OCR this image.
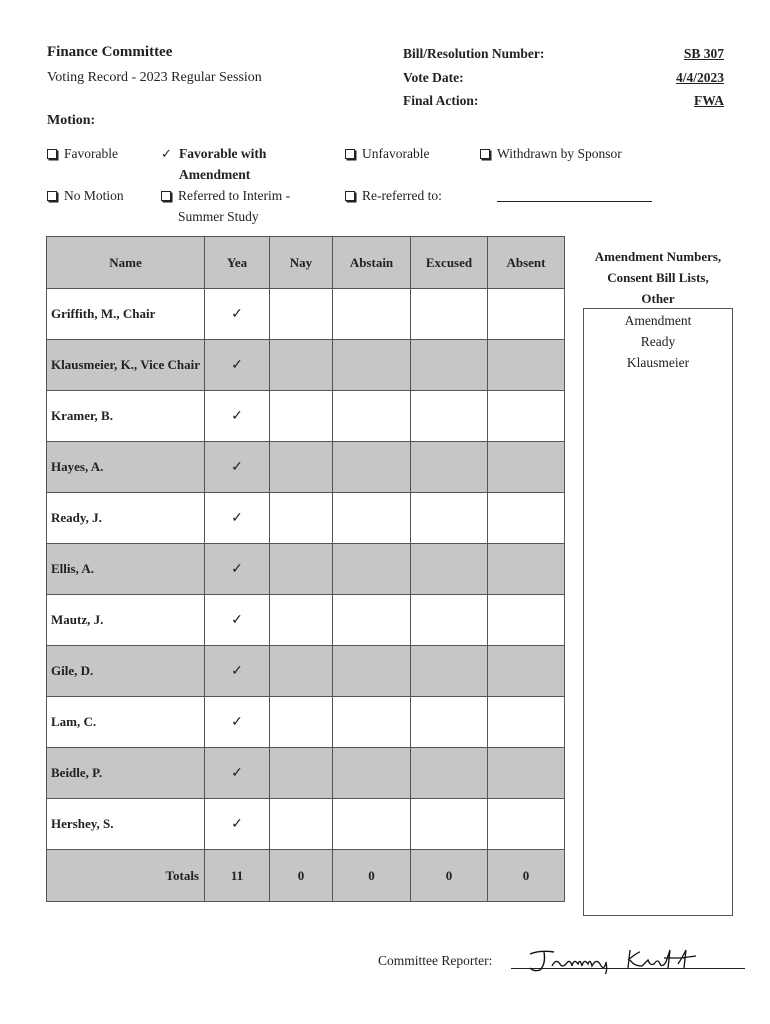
Finance Committee
Voting Record - 2023 Regular Session
Bill/Resolution Number:	SB 307
Vote Date:	4/4/2023
Final Action:	FWA
Motion:
Favorable	✓ Favorable with
Amendment
Unfavorable	Withdrawn by Sponsor
No Motion	Referred to Interim -
Summer Study
Re-referred to:
Name	Yea	Nay	Abstain	Excused	Absent
Griffith, M., Chair	✓				
Klausmeier, K., Vice Chair	✓				
Kramer, B.	✓				
Hayes, A.	✓				
Ready, J.	✓				
Ellis, A.	✓				
Mautz, J.	✓				
Gile, D.	✓				
Lam, C.	✓				
Beidle, P.	✓				
Hershey, S.	✓				
Totals	11	0	0	0	0
Amendment Numbers,
Consent Bill Lists,
Other
Amendment
Ready
Klausmeier
Committee Reporter:
